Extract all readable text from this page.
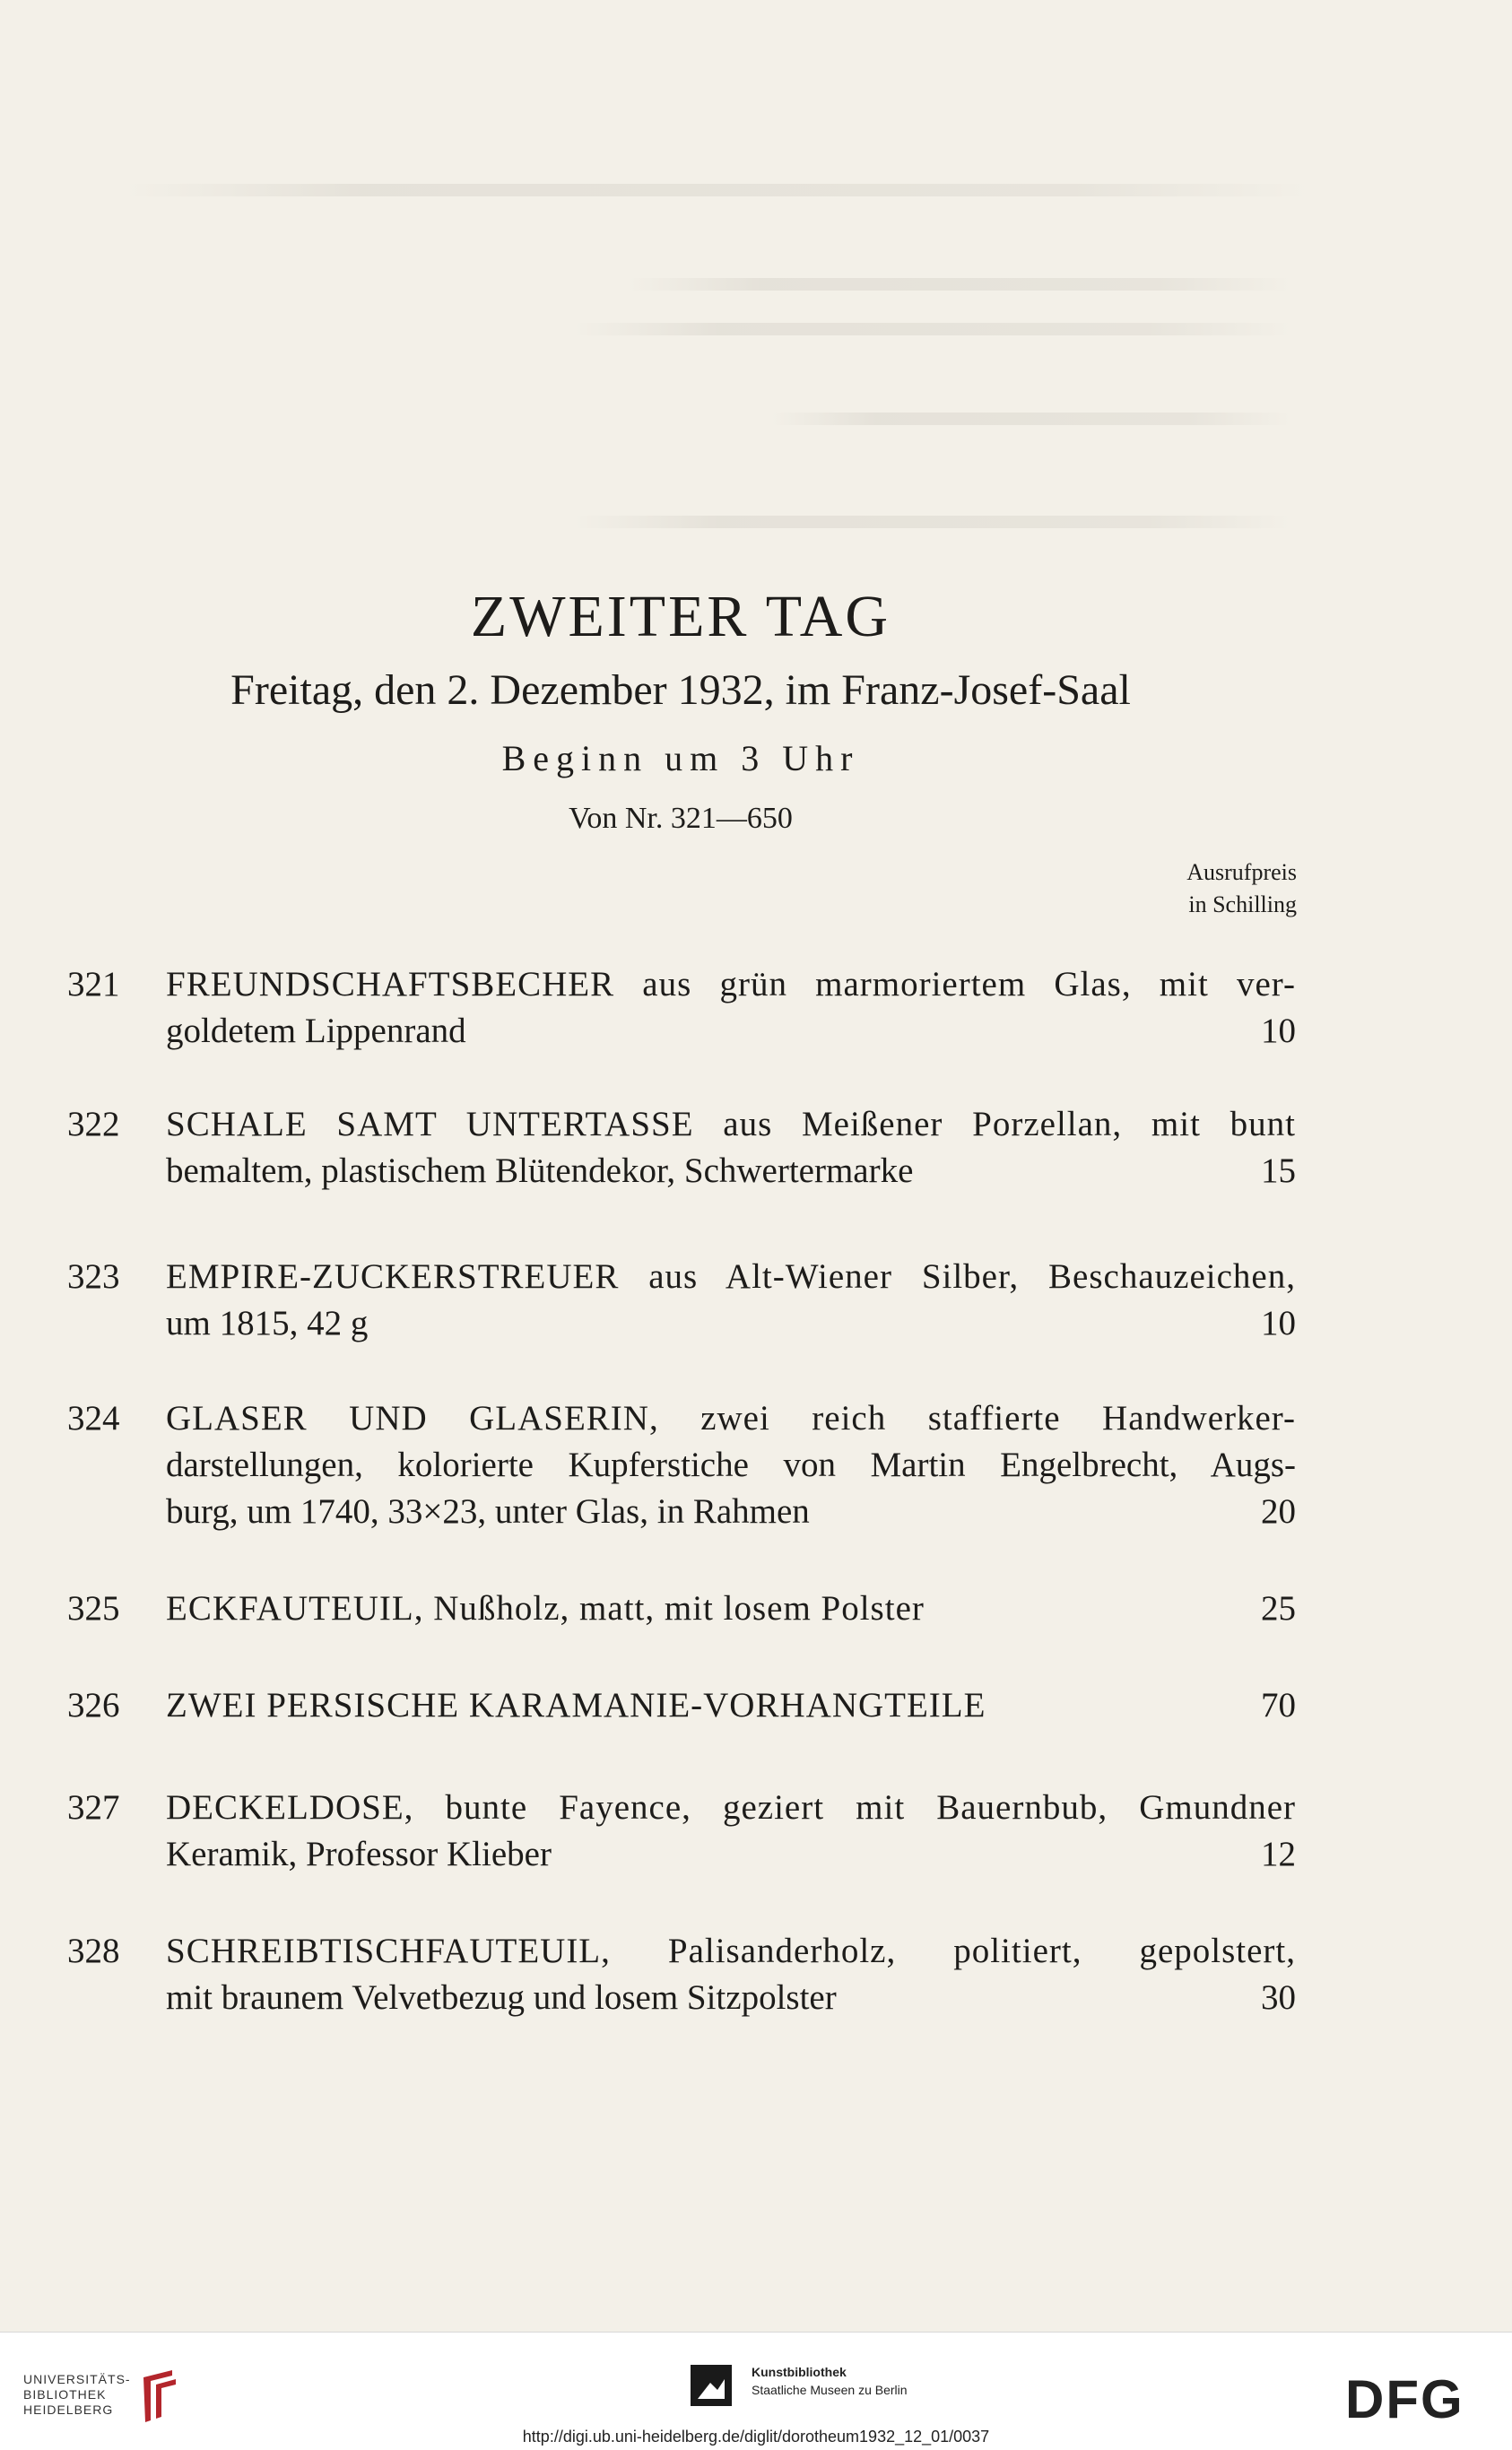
ZWEITER TAG
Freitag, den 2. Dezember 1932, im Franz-Josef-Saal
Beginn um 3 Uhr
Von Nr. 321—650
Ausrufpreis
in Schilling
321	FREUNDSCHAFTSBECHER aus grün marmoriertem Glas, mit ver-
goldetem Lippenrand	10
322	SCHALE SAMT UNTERTASSE aus Meißener Porzellan, mit bunt
bemaltem, plastischem Blütendekor, Schwertermarke	15
323	EMPIRE-ZUCKERSTREUER aus Alt-Wiener Silber, Beschauzeichen,
um 1815, 42 g	10
324	GLASER UND GLASERIN, zwei reich staffierte Handwerker-
darstellungen, kolorierte Kupferstiche von Martin Engelbrecht, Augs-
burg, um 1740, 33×23, unter Glas, in Rahmen	20
325	ECKFAUTEUIL, Nußholz, matt, mit losem Polster	25
326	ZWEI PERSISCHE KARAMANIE-VORHANGTEILE	70
327	DECKELDOSE, bunte Fayence, geziert mit Bauernbub, Gmundner
Keramik, Professor Klieber	12
328	SCHREIBTISCHFAUTEUIL, Palisanderholz, politiert, gepolstert,
mit braunem Velvetbezug und losem Sitzpolster	30
UNIVERSITÄTS-
BIBLIOTHEK
HEIDELBERG
Kunstbibliothek
Staatliche Museen zu Berlin	DFG
http://digi.ub.uni-heidelberg.de/diglit/dorotheum1932_12_01/0037
